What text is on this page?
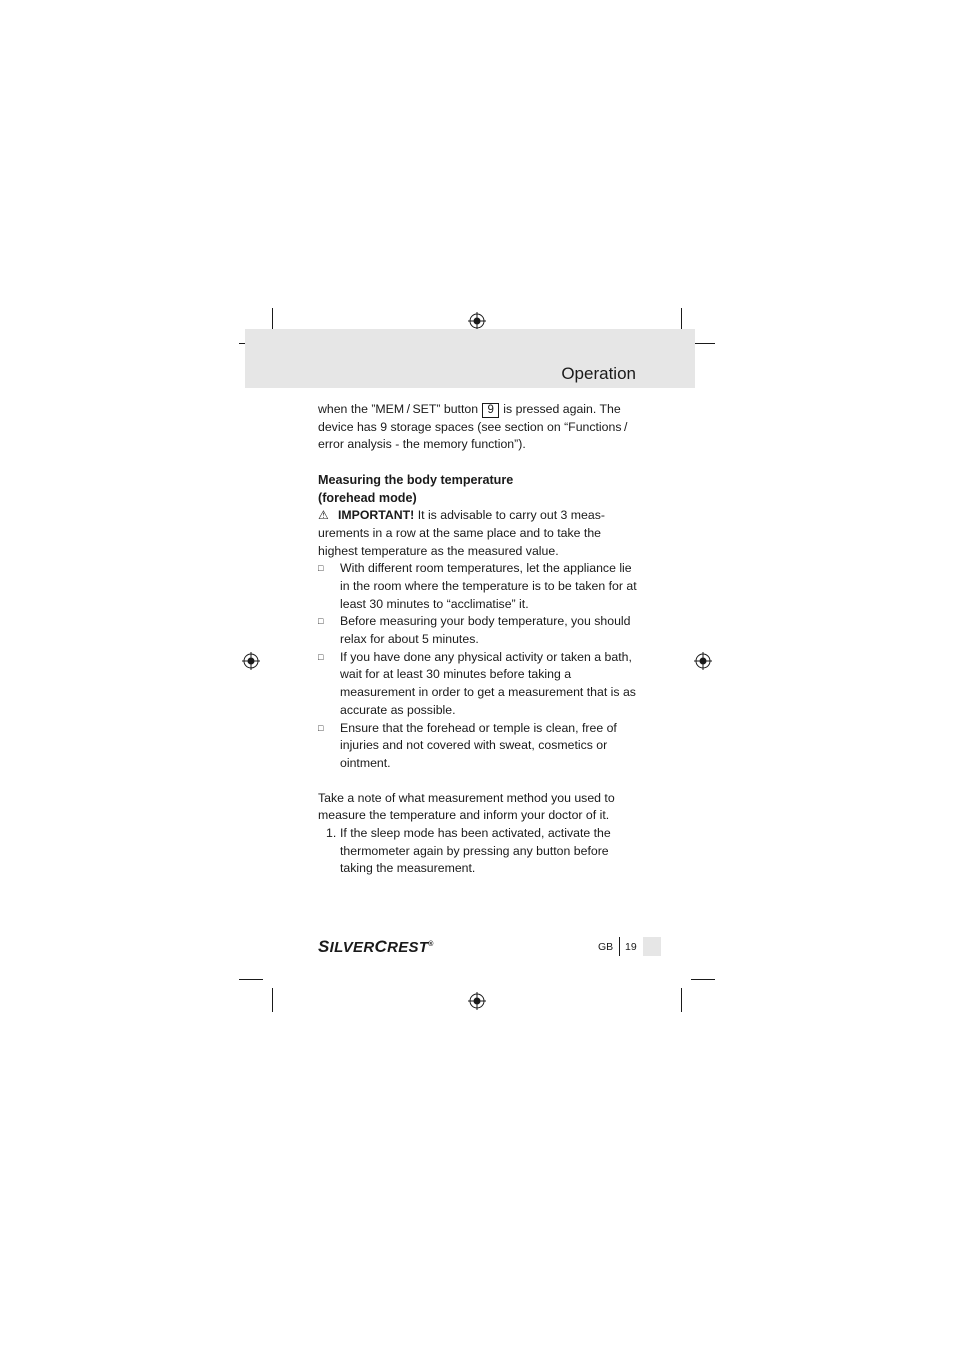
Operation

when the ”MEM / SET” button 9 is pressed again. The device has 9 storage spaces (see section on “Functions / error analysis - the memory function”).

Measuring the body temperature
(forehead mode)

⚠ IMPORTANT! It is advisable to carry out 3 meas-urements in a row at the same place and to take the highest temperature as the measured value.

□ With different room temperatures, let the appliance lie in the room where the temperature is to be taken for at least 30 minutes to “acclimatise” it.
□ Before measuring your body temperature, you should relax for about 5 minutes.
□ If you have done any physical activity or taken a bath, wait for at least 30 minutes before taking a measurement in order to get a measurement that is as accurate as possible.
□ Ensure that the forehead or temple is clean, free of injuries and not covered with sweat, cosmetics or ointment.

Take a note of what measurement method you used to measure the temperature and inform your doctor of it.

1. If the sleep mode has been activated, activate the thermometer again by pressing any button before taking the measurement.
SILVERCREST®	GB 19
